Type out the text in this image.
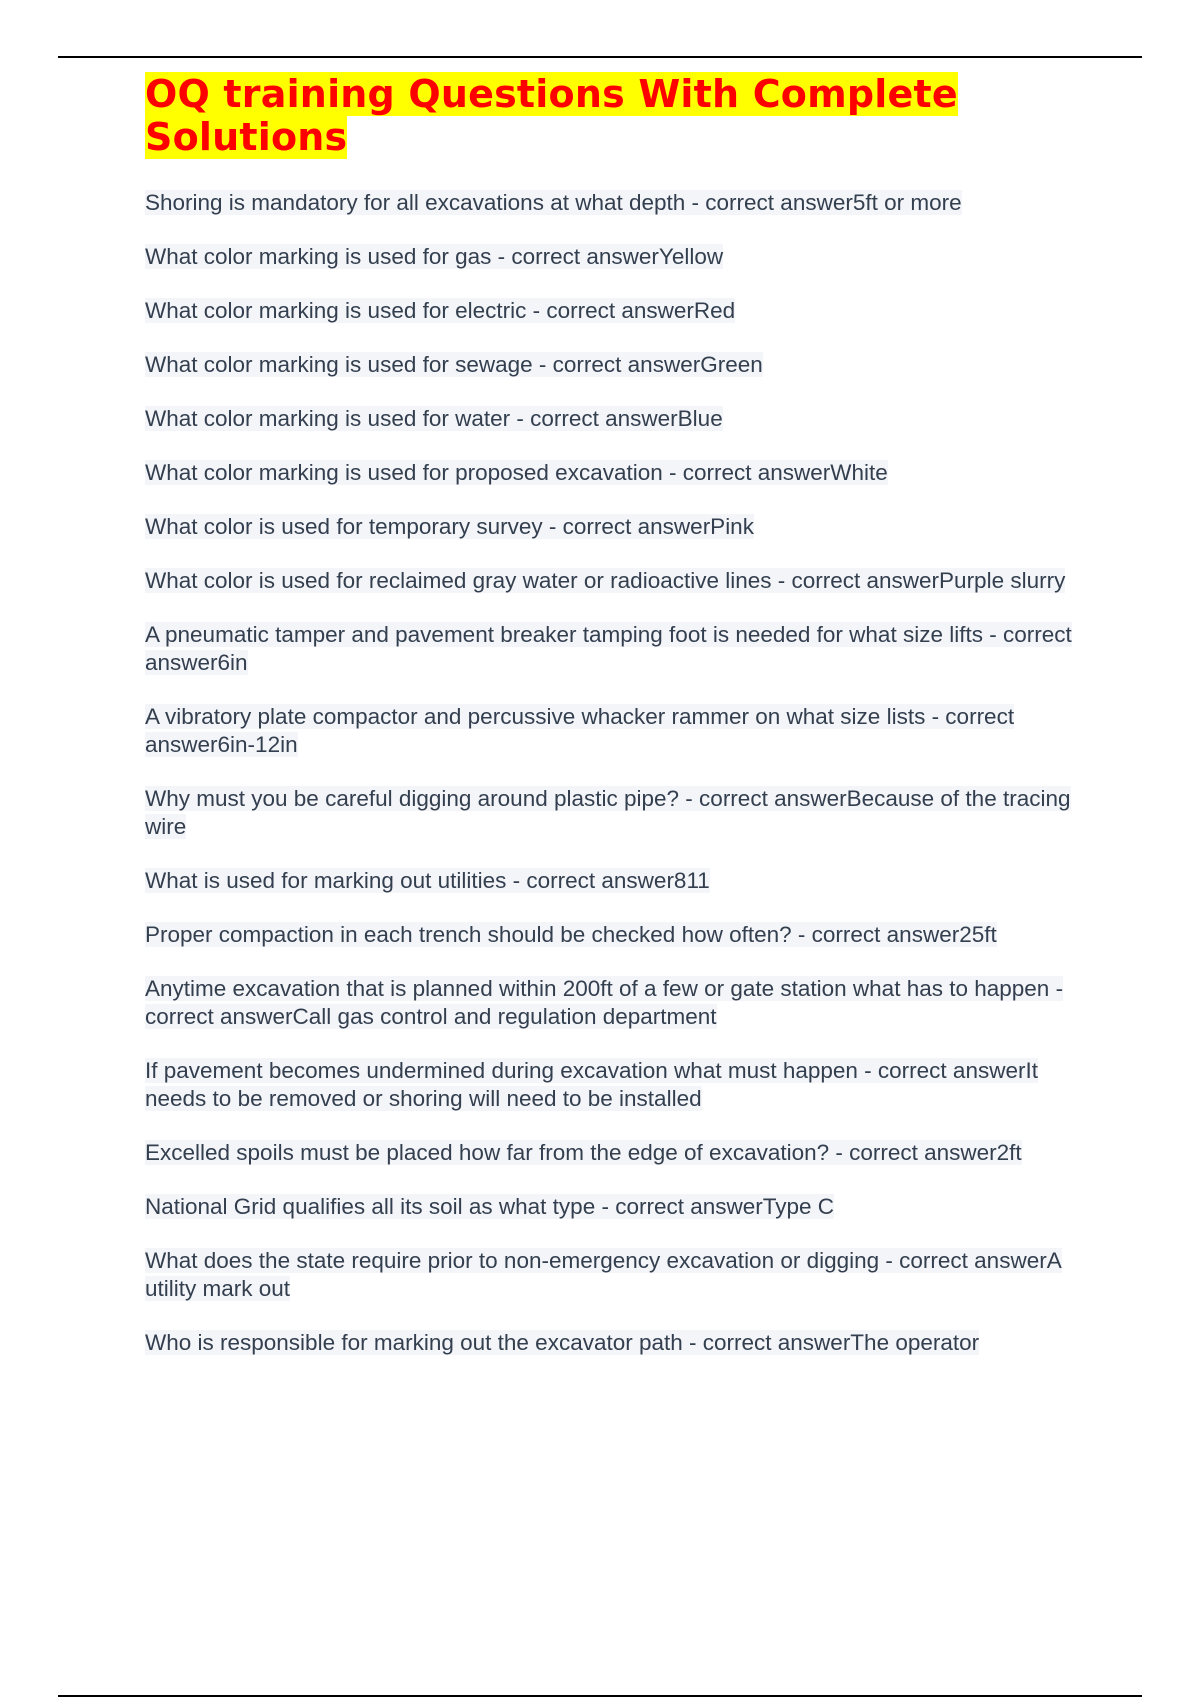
OQ training Questions With Complete Solutions
Shoring is mandatory for all excavations at what depth - correct answer5ft or more
What color marking is used for gas - correct answerYellow
What color marking is used for electric - correct answerRed
What color marking is used for sewage - correct answerGreen
What color marking is used for water - correct answerBlue
What color marking is used for proposed excavation - correct answerWhite
What color is used for temporary survey - correct answerPink
What color is used for reclaimed gray water or radioactive lines - correct answerPurple slurry
A pneumatic tamper and pavement breaker tamping foot is needed for what size lifts - correct answer6in
A vibratory plate compactor and percussive whacker rammer on what size lists - correct answer6in-12in
Why must you be careful digging around plastic pipe? - correct answerBecause of the tracing wire
What is used for marking out utilities - correct answer811
Proper compaction in each trench should be checked how often? - correct answer25ft
Anytime excavation that is planned within 200ft of a few or gate station what has to happen - correct answerCall gas control and regulation department
If pavement becomes undermined during excavation what must happen - correct answerIt needs to be removed or shoring will need to be installed
Excelled spoils must be placed how far from the edge of excavation? - correct answer2ft
National Grid qualifies all its soil as what type - correct answerType C
What does the state require prior to non-emergency excavation or digging - correct answerA utility mark out
Who is responsible for marking out the excavator path - correct answerThe operator
